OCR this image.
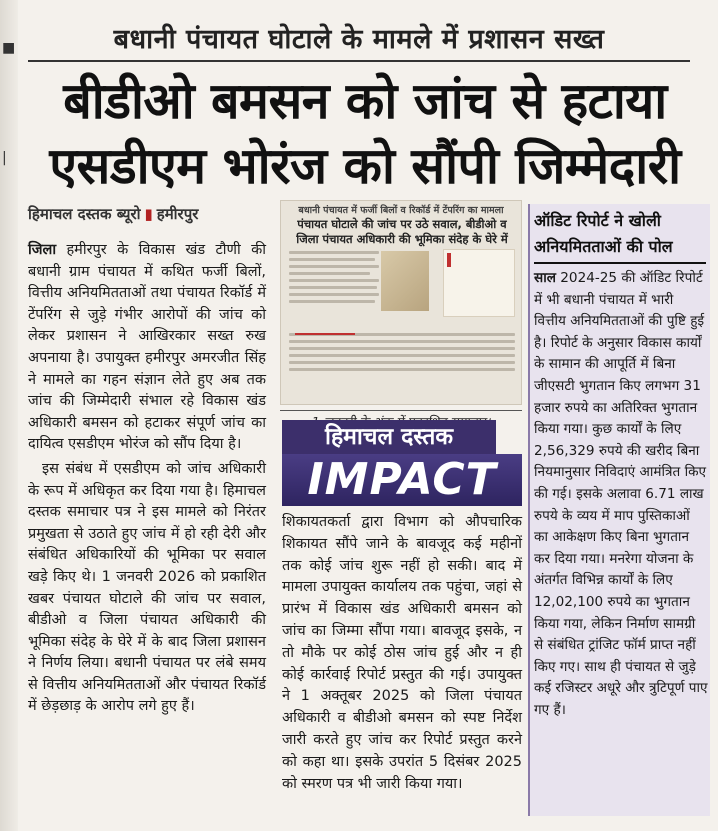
■
|
बधानी पंचायत घोटाले के मामले में प्रशासन सख्त
बीडीओ बमसन को जांच से हटाया
एसडीएम भोरंज को सौंपी जिम्मेदारी
हिमाचल दस्तक ब्यूरो ▮ हमीरपुर

जिला हमीरपुर के विकास खंड टौणी की बधानी ग्राम पंचायत में कथित फर्जी बिलों, वित्तीय अनियमितताओं तथा पंचायत रिकॉर्ड में टेंपरिंग से जुड़े गंभीर आरोपों की जांच को लेकर प्रशासन ने आखिरकार सख्त रुख अपनाया है। उपायुक्त हमीरपुर अमरजीत सिंह ने मामले का गहन संज्ञान लेते हुए अब तक जांच की जिम्मेदारी संभाल रहे विकास खंड अधिकारी बमसन को हटाकर संपूर्ण जांच का दायित्व एसडीएम भोरंज को सौंप दिया है।

इस संबंध में एसडीएम को जांच अधिकारी के रूप में अधिकृत कर दिया गया है। हिमाचल दस्तक समाचार पत्र ने इस मामले को निरंतर प्रमुखता से उठाते हुए जांच में हो रही देरी और संबंधित अधिकारियों की भूमिका पर सवाल खड़े किए थे। 1 जनवरी 2026 को प्रकाशित खबर पंचायत घोटाले की जांच पर सवाल, बीडीओ व जिला पंचायत अधिकारी की भूमिका संदेह के घेरे में के बाद जिला प्रशासन ने निर्णय लिया। बधानी पंचायत पर लंबे समय से वित्तीय अनियमितताओं और पंचायत रिकॉर्ड में छेड़छाड़ के आरोप लगे हुए हैं।

बधानी पंचायत में फर्जी बिलों व रिकॉर्ड में टेंपरिंग का मामला
पंचायत घोटाले की जांच पर उठे सवाल, बीडीओ व जिला पंचायत अधिकारी की भूमिका संदेह के घेरे में
हिमाचल दस्तक
IMPACT
शिकायतकर्ता द्वारा विभाग को औपचारिक शिकायत सौंपे जाने के बावजूद कई महीनों तक कोई जांच शुरू नहीं हो सकी। बाद में मामला उपायुक्त कार्यालय तक पहुंचा, जहां से प्रारंभ में विकास खंड अधिकारी बमसन को जांच का जिम्मा सौंपा गया। बावजूद इसके, न तो मौके पर कोई ठोस जांच हुई और न ही कोई कार्रवाई रिपोर्ट प्रस्तुत की गई। उपायुक्त ने 1 अक्तूबर 2025 को जिला पंचायत अधिकारी व बीडीओ बमसन को स्पष्ट निर्देश जारी करते हुए जांच कर रिपोर्ट प्रस्तुत करने को कहा था। इसके उपरांत 5 दिसंबर 2025 को स्मरण पत्र भी जारी किया गया।
ऑडिट रिपोर्ट ने खोली
अनियमितताओं की पोल
साल 2024-25 की ऑडिट रिपोर्ट में भी बधानी पंचायत में भारी वित्तीय अनियमितताओं की पुष्टि हुई है। रिपोर्ट के अनुसार विकास कार्यों के सामान की आपूर्ति में बिना जीएसटी भुगतान किए लगभग 31 हजार रुपये का अतिरिक्त भुगतान किया गया। कुछ कार्यों के लिए 2,56,329 रुपये की खरीद बिना नियमानुसार निविदाएं आमंत्रित किए की गई। इसके अलावा 6.71 लाख रुपये के व्यय में माप पुस्तिकाओं का आकेक्षण किए बिना भुगतान कर दिया गया। मनरेगा योजना के अंतर्गत विभिन्न कार्यों के लिए 12,02,100 रुपये का भुगतान किया गया, लेकिन निर्माण सामग्री से संबंधित ट्रांजिट फॉर्म प्राप्त नहीं किए गए। साथ ही पंचायत से जुड़े कई रजिस्टर अधूरे और त्रुटिपूर्ण पाए गए हैं।
